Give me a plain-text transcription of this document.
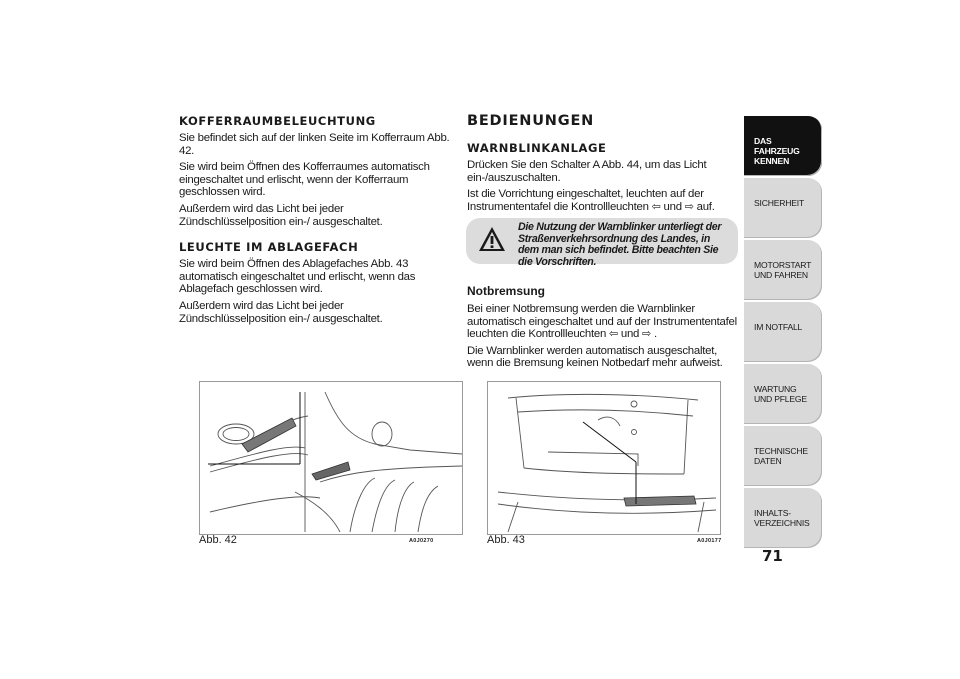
KOFFERRAUMBELEUCHTUNG
Sie befindet sich auf der linken Seite im Kofferraum Abb. 42.
Sie wird beim Öffnen des Kofferraumes automatisch eingeschaltet und erlischt, wenn der Kofferraum geschlossen wird.
Außerdem wird das Licht bei jeder Zündschlüsselposition ein-/ ausgeschaltet.
LEUCHTE IM ABLAGEFACH
Sie wird beim Öffnen des Ablagefaches Abb. 43 automatisch eingeschaltet und erlischt, wenn das Ablagefach geschlossen wird.
Außerdem wird das Licht bei jeder Zündschlüsselposition ein-/ ausgeschaltet.
BEDIENUNGEN
WARNBLINKANLAGE
Drücken Sie den Schalter A Abb. 44, um das Licht ein-/auszuschalten.
Ist die Vorrichtung eingeschaltet, leuchten auf der Instrumententafel die Kontrollleuchten ⇦ und ⇨ auf.
Die Nutzung der Warnblinker unterliegt der Straßenverkehrsordnung des Landes, in dem man sich befindet. Bitte beachten Sie die Vorschriften.
Notbremsung
Bei einer Notbremsung werden die Warnblinker automatisch eingeschaltet und auf der Instrumententafel leuchten die Kontrollleuchten ⇦ und ⇨ .
Die Warnblinker werden automatisch ausgeschaltet, wenn die Bremsung keinen Notbedarf mehr aufweist.
Abb. 42	A0J0270	Abb. 43	A0J0177
DAS FAHRZEUG KENNEN
SICHERHEIT
MOTORSTART UND FAHREN
IM NOTFALL
WARTUNG UND PFLEGE
TECHNISCHE DATEN
INHALTS- VERZEICHNIS
71
